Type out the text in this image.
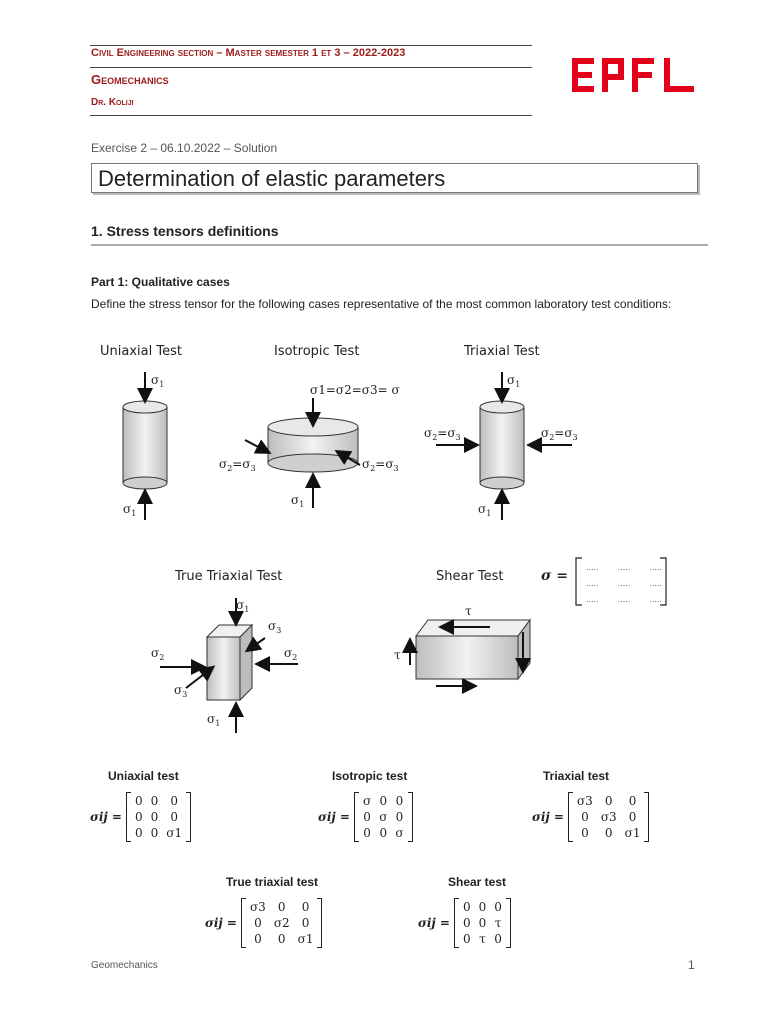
Civil Engineering section – Master semester 1 et 3 – 2022-2023
Geomechanics
Dr. Koliji
Exercise 2 – 06.10.2022 – Solution
Determination of elastic parameters
1. Stress tensors definitions
Part 1: Qualitative cases
Define the stress tensor for the following cases representative of the most common laboratory test conditions:
Uniaxial Test	Isotropic Test	Triaxial Test
True Triaxial Test	Shear Test
$\sigma_1$
$\sigma_1$
σ1=σ2=σ3= σ
$\sigma_2=\sigma_3$	$\sigma_2=\sigma_3$
$\sigma_1$
$\sigma_1$
$\sigma_2=\sigma_3$	$\sigma_2=\sigma_3$
$\sigma_1$
σ =
..... ..... .....
..... ..... .....
..... ..... .....
$\sigma_1$
$\sigma_3$
$\sigma_2$	$\sigma_2$
$\sigma_3$
$\sigma_1$
τ
τ
Uniaxial test
σij =
0	0	0
0	0	0
0	0	σ1
Isotropic test
σij =
σ	0	0
0	σ	0
0	0	σ
Triaxial test
σij =
σ3	0	0
0	σ3	0
0	0	σ1
True triaxial test
σij =
σ3	0	0
0	σ2	0
0	0	σ1
Shear test
σij =
0	0	0
0	0	τ
0	τ	0
Geomechanics	1
